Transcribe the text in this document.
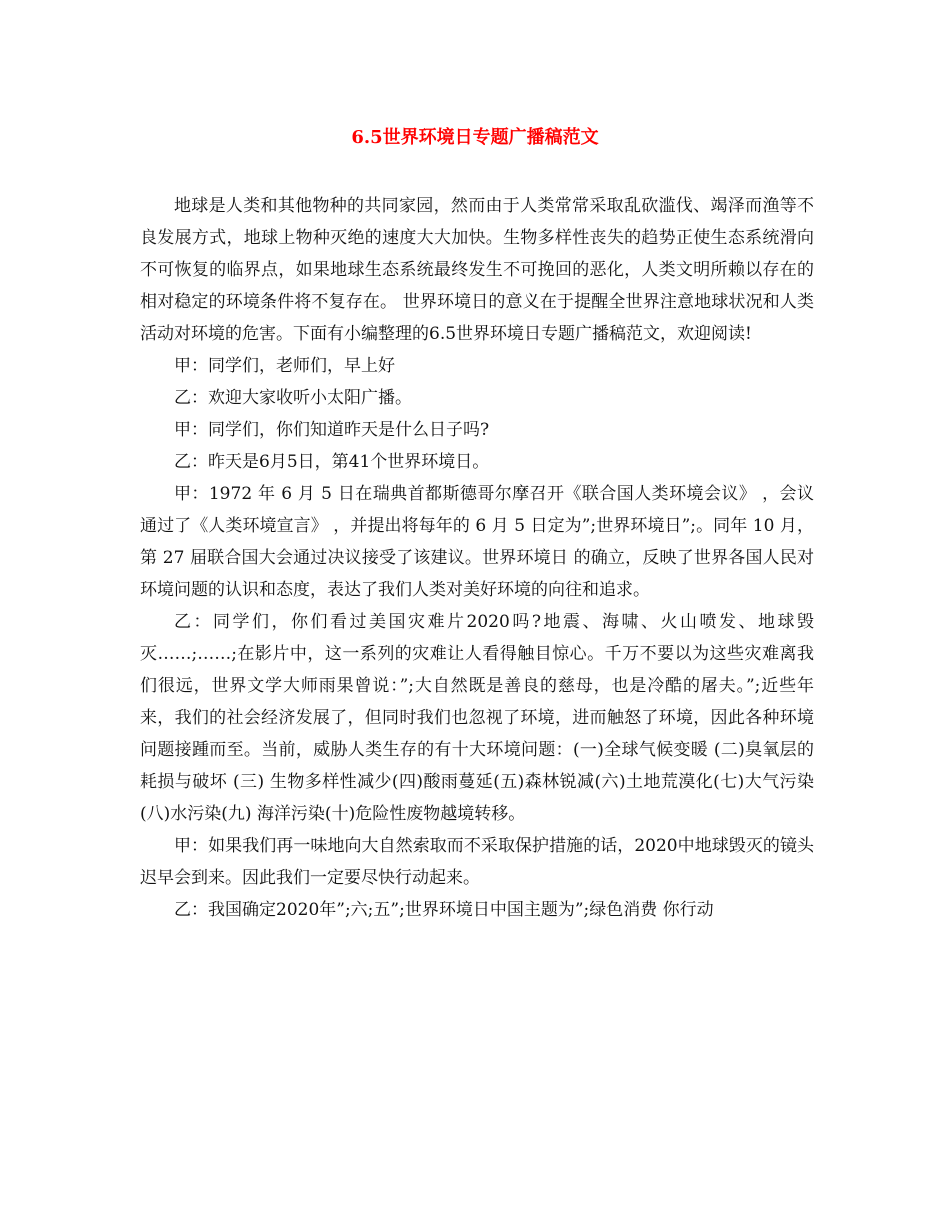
6.5世界环境日专题广播稿范文

地球是人类和其他物种的共同家园，然而由于人类常常采取乱砍滥伐、竭泽而渔等不良发展方式，地球上物种灭绝的速度大大加快。生物多样性丧失的趋势正使生态系统滑向不可恢复的临界点，如果地球生态系统最终发生不可挽回的恶化，人类文明所赖以存在的相对稳定的环境条件将不复存在。 世界环境日的意义在于提醒全世界注意地球状况和人类活动对环境的危害。下面有小编整理的6.5世界环境日专题广播稿范文，欢迎阅读!

甲：同学们，老师们，早上好

乙：欢迎大家收听小太阳广播。

甲：同学们，你们知道昨天是什么日子吗?

乙：昨天是6月5日，第41个世界环境日。

甲：1972 年 6 月 5 日在瑞典首都斯德哥尔摩召开《联合国人类环境会议》 ，会议通过了《人类环境宣言》 ，并提出将每年的 6 月 5 日定为”;世界环境日”;。同年 10 月，第 27 届联合国大会通过决议接受了该建议。世界环境日 的确立，反映了世界各国人民对环境问题的认识和态度，表达了我们人类对美好环境的向往和追求。

乙：同学们，你们看过美国灾难片2020吗?地震、海啸、火山喷发、地球毁灭……;……;在影片中，这一系列的灾难让人看得触目惊心。千万不要以为这些灾难离我们很远，世界文学大师雨果曾说：”;大自然既是善良的慈母，也是冷酷的屠夫。”;近些年来，我们的社会经济发展了，但同时我们也忽视了环境，进而触怒了环境，因此各种环境问题接踵而至。当前，威胁人类生存的有十大环境问题：(一)全球气候变暖 (二)臭氧层的耗损与破坏 (三) 生物多样性减少(四)酸雨蔓延(五)森林锐减(六)土地荒漠化(七)大气污染(八)水污染(九) 海洋污染(十)危险性废物越境转移。

甲：如果我们再一味地向大自然索取而不采取保护措施的话，2020中地球毁灭的镜头迟早会到来。因此我们一定要尽快行动起来。

乙：我国确定2020年”;六;五”;世界环境日中国主题为”;绿色消费 你行动
